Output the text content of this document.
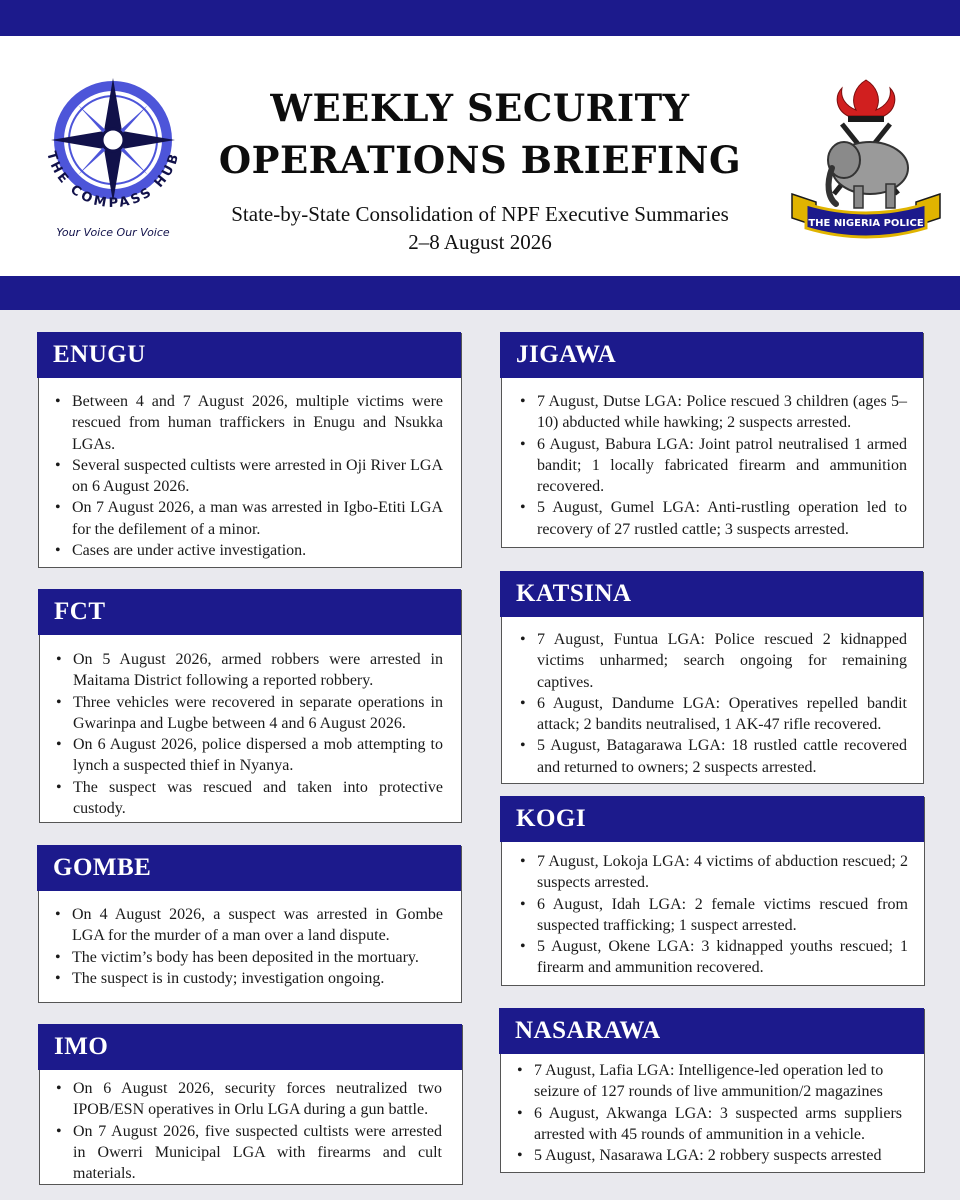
THE COMPASS HUB
Your Voice Our Voice
THE NIGERIA POLICE
WEEKLY SECURITY
OPERATIONS BRIEFING
State-by-State Consolidation of NPF Executive Summaries
2–8 August 2026
ENUGU
• Between 4 and 7 August 2026, multiple victims were rescued from human traffickers in Enugu and Nsukka LGAs.
• Several suspected cultists were arrested in Oji River LGA on 6 August 2026.
• On 7 August 2026, a man was arrested in Igbo-Etiti LGA for the defilement of a minor.
• Cases are under active investigation.
FCT
• On 5 August 2026, armed robbers were arrested in Maitama District following a reported robbery.
• Three vehicles were recovered in separate operations in Gwarinpa and Lugbe between 4 and 6 August 2026.
• On 6 August 2026, police dispersed a mob attempting to lynch a suspected thief in Nyanya.
• The suspect was rescued and taken into protective custody.
GOMBE
• On 4 August 2026, a suspect was arrested in Gombe LGA for the murder of a man over a land dispute.
• The victim’s body has been deposited in the mortuary.
• The suspect is in custody; investigation ongoing.
IMO
• On 6 August 2026, security forces neutralized two IPOB/ESN operatives in Orlu LGA during a gun battle.
• On 7 August 2026, five suspected cultists were arrested in Owerri Municipal LGA with firearms and cult materials.
JIGAWA
• 7 August, Dutse LGA: Police rescued 3 children (ages 5–10) abducted while hawking; 2 suspects arrested.
• 6 August, Babura LGA: Joint patrol neutralised 1 armed bandit; 1 locally fabricated firearm and ammunition recovered.
• 5 August, Gumel LGA: Anti-rustling operation led to recovery of 27 rustled cattle; 3 suspects arrested.
KATSINA
• 7 August, Funtua LGA: Police rescued 2 kidnapped victims unharmed; search ongoing for remaining captives.
• 6 August, Dandume LGA: Operatives repelled bandit attack; 2 bandits neutralised, 1 AK-47 rifle recovered.
• 5 August, Batagarawa LGA: 18 rustled cattle recovered and returned to owners; 2 suspects arrested.
KOGI
• 7 August, Lokoja LGA: 4 victims of abduction rescued; 2 suspects arrested.
• 6 August, Idah LGA: 2 female victims rescued from suspected trafficking; 1 suspect arrested.
• 5 August, Okene LGA: 3 kidnapped youths rescued; 1 firearm and ammunition recovered.
NASARAWA
• 7 August, Lafia LGA: Intelligence-led operation led to seizure of 127 rounds of live ammunition/2 magazines
• 6 August, Akwanga LGA: 3 suspected arms suppliers arrested with 45 rounds of ammunition in a vehicle.
• 5 August, Nasarawa LGA: 2 robbery suspects arrested
